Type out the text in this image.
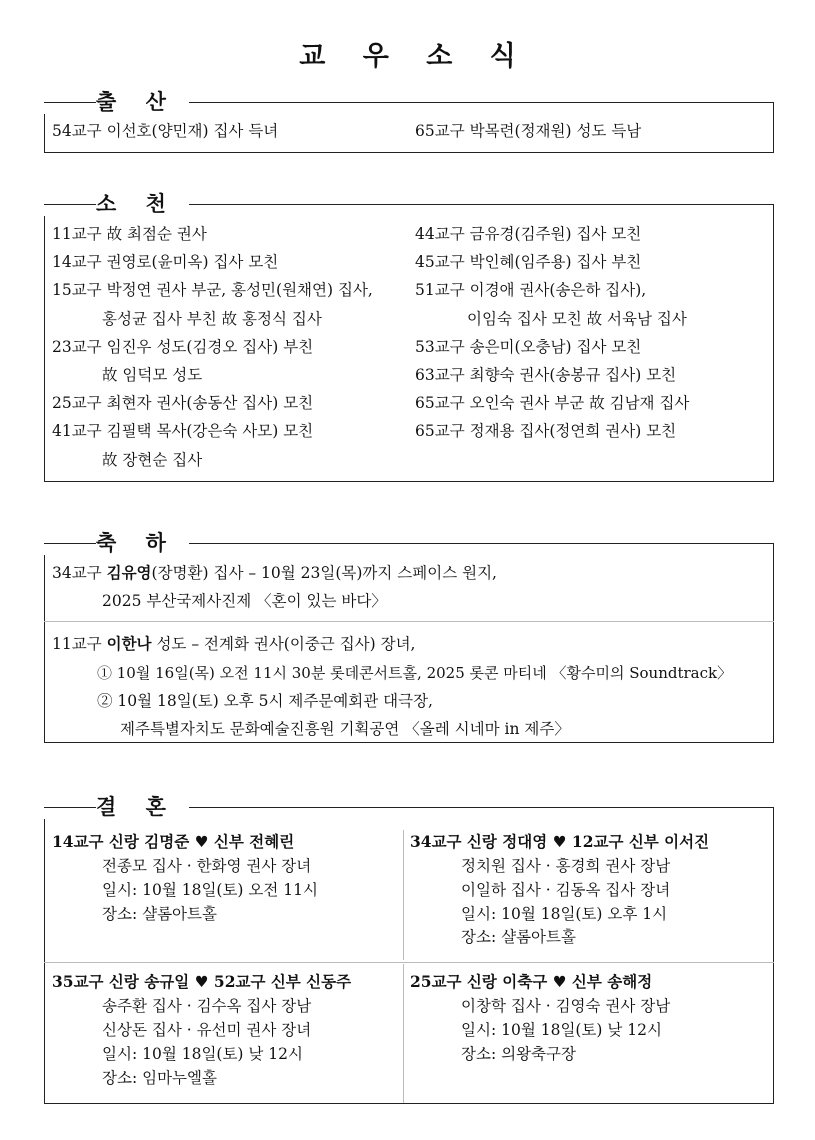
교 우 소 식
출 산
54교구 이선호(양민재) 집사 득녀	65교구 박목련(정재원) 성도 득남
소 천
11교구 故 최점순 권사
14교구 권영로(윤미옥) 집사 모친
15교구 박정연 권사 부군, 홍성민(원채연) 집사,
홍성균 집사 부친 故 홍정식 집사
23교구 임진우 성도(김경오 집사) 부친
故 임덕모 성도
25교구 최현자 권사(송동산 집사) 모친
41교구 김필택 목사(강은숙 사모) 모친
故 장현순 집사
44교구 금유경(김주원) 집사 모친
45교구 박인혜(임주용) 집사 부친
51교구 이경애 권사(송은하 집사),
이임숙 집사 모친 故 서육남 집사
53교구 송은미(오충남) 집사 모친
63교구 최향숙 권사(송봉규 집사) 모친
65교구 오인숙 권사 부군 故 김남재 집사
65교구 정재용 집사(정연희 권사) 모친
축 하
34교구 김유영(장명환) 집사 – 10월 23일(목)까지 스페이스 원지,
2025 부산국제사진제 〈혼이 있는 바다〉
11교구 이한나 성도 – 전계화 권사(이중근 집사) 장녀,
① 10월 16일(목) 오전 11시 30분 롯데콘서트홀, 2025 롯콘 마티네 〈황수미의 Soundtrack〉
② 10월 18일(토) 오후 5시 제주문예회관 대극장,
제주특별자치도 문화예술진흥원 기획공연 〈올레 시네마 in 제주〉
결 혼
14교구 신랑 김명준 ♥ 신부 전혜린
전종모 집사 · 한화영 권사 장녀
일시: 10월 18일(토) 오전 11시
장소: 샬롬아트홀
34교구 신랑 정대영 ♥ 12교구 신부 이서진
정치원 집사 · 홍경희 권사 장남
이일하 집사 · 김동옥 집사 장녀
일시: 10월 18일(토) 오후 1시
장소: 샬롬아트홀
35교구 신랑 송규일 ♥ 52교구 신부 신동주
송주환 집사 · 김수옥 집사 장남
신상돈 집사 · 유선미 권사 장녀
일시: 10월 18일(토) 낮 12시
장소: 임마누엘홀
25교구 신랑 이축구 ♥ 신부 송해정
이창학 집사 · 김영숙 권사 장남
일시: 10월 18일(토) 낮 12시
장소: 의왕축구장
